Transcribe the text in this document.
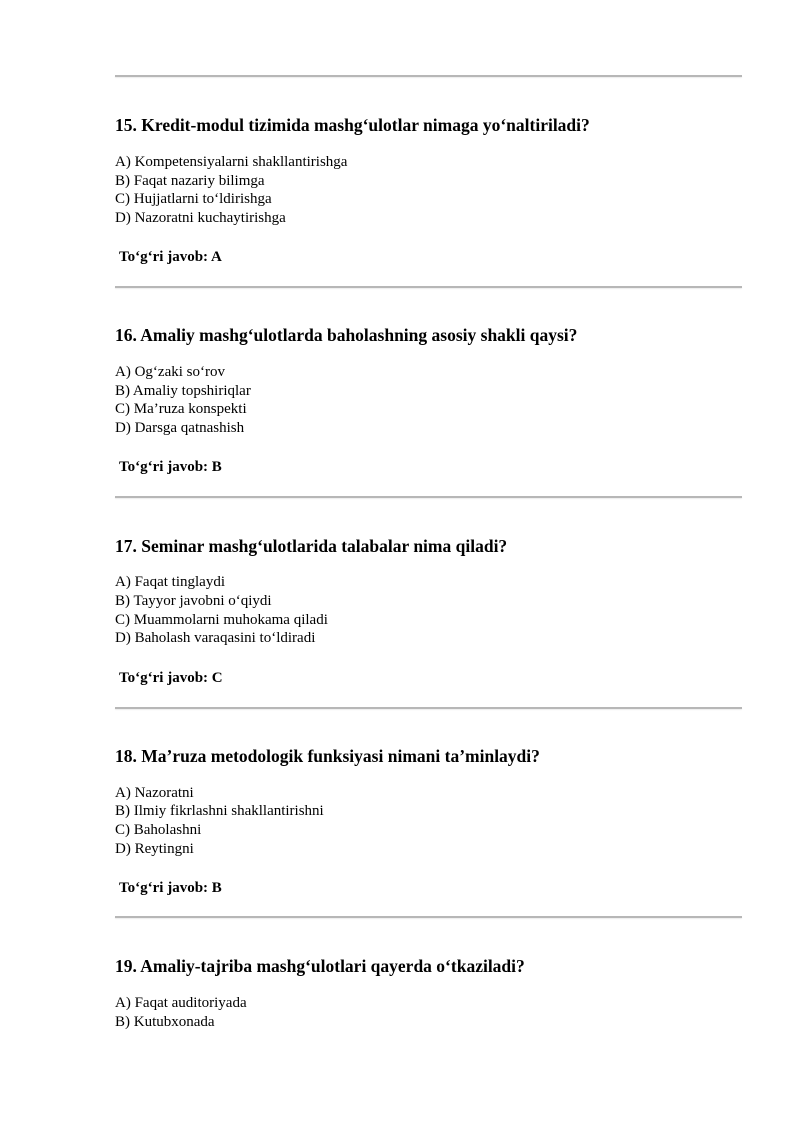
15. Kredit-modul tizimida mashg‘ulotlar nimaga yo‘naltiriladi?
A) Kompetensiyalarni shakllantirishga
B) Faqat nazariy bilimga
C) Hujjatlarni to‘ldirishga
D) Nazoratni kuchaytirishga
To‘g‘ri javob: A
16. Amaliy mashg‘ulotlarda baholashning asosiy shakli qaysi?
A) Og‘zaki so‘rov
B) Amaliy topshiriqlar
C) Ma’ruza konspekti
D) Darsga qatnashish
To‘g‘ri javob: B
17. Seminar mashg‘ulotlarida talabalar nima qiladi?
A) Faqat tinglaydi
B) Tayyor javobni o‘qiydi
C) Muammolarni muhokama qiladi
D) Baholash varaqasini to‘ldiradi
To‘g‘ri javob: C
18. Ma’ruza metodologik funksiyasi nimani ta’minlaydi?
A) Nazoratni
B) Ilmiy fikrlashni shakllantirishni
C) Baholashni
D) Reytingni
To‘g‘ri javob: B
19. Amaliy-tajriba mashg‘ulotlari qayerda o‘tkaziladi?
A) Faqat auditoriyada
B) Kutubxonada
